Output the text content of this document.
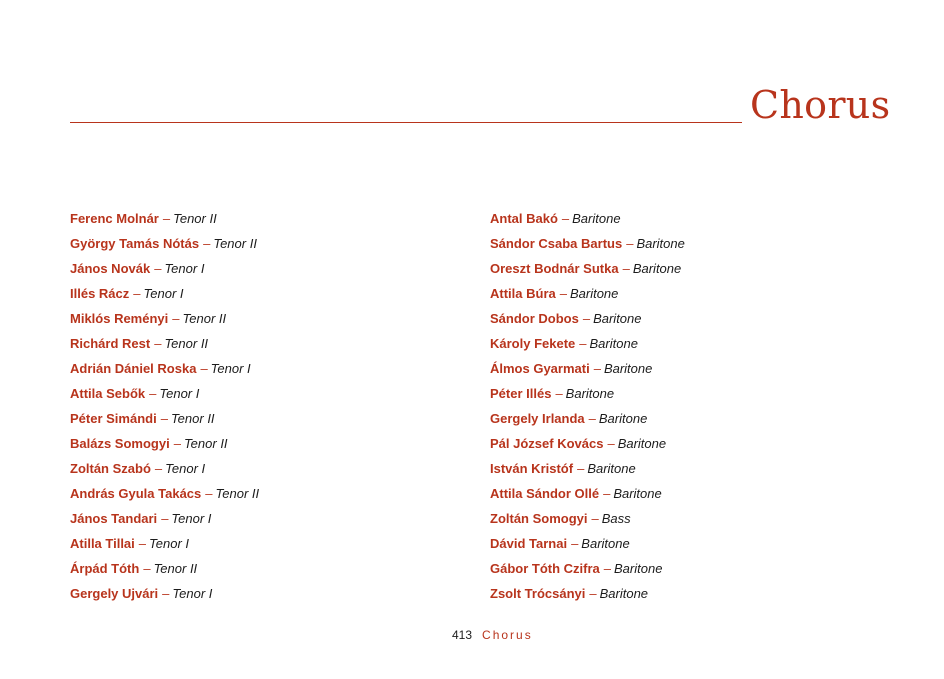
Chorus
Ferenc Molnár – Tenor II
György Tamás Nótás – Tenor II
János Novák – Tenor I
Illés Rácz – Tenor I
Miklós Reményi – Tenor II
Richárd Rest – Tenor II
Adrián Dániel Roska – Tenor I
Attila Sebők – Tenor I
Péter Simándi – Tenor II
Balázs Somogyi – Tenor II
Zoltán Szabó – Tenor I
András Gyula Takács – Tenor II
János Tandari – Tenor I
Atilla Tillai – Tenor I
Árpád Tóth – Tenor II
Gergely Ujvári – Tenor I
Antal Bakó – Baritone
Sándor Csaba Bartus – Baritone
Oreszt Bodnár Sutka – Baritone
Attila Búra – Baritone
Sándor Dobos – Baritone
Károly Fekete – Baritone
Álmos Gyarmati – Baritone
Péter Illés – Baritone
Gergely Irlanda – Baritone
Pál József Kovács – Baritone
István Kristóf – Baritone
Attila Sándor Ollé – Baritone
Zoltán Somogyi – Bass
Dávid Tarnai – Baritone
Gábor Tóth Czifra – Baritone
Zsolt Trócsányi – Baritone
413 Chorus
